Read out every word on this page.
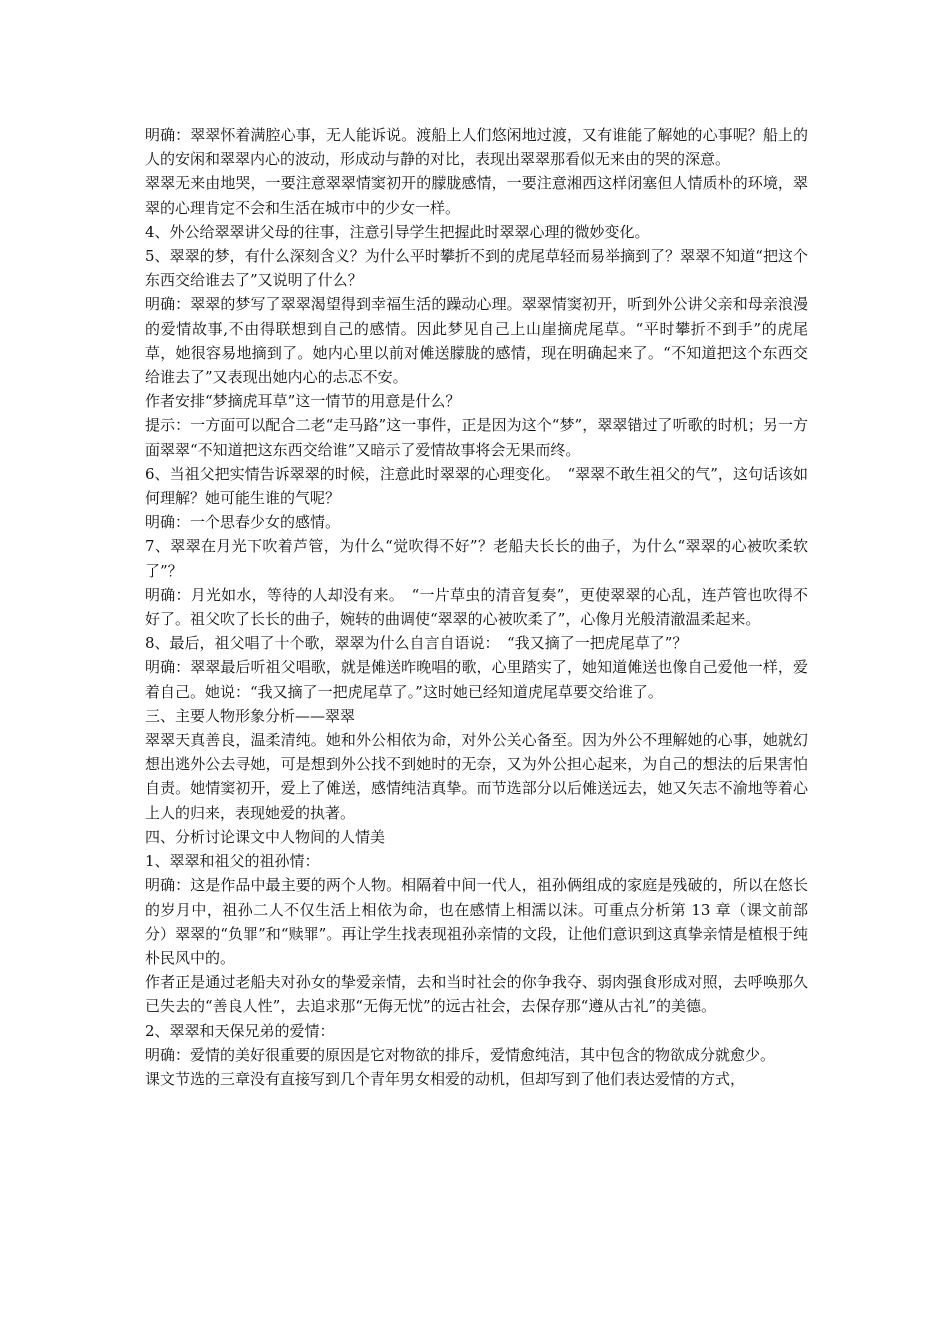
明确：翠翠怀着满腔心事，无人能诉说。渡船上人们悠闲地过渡，又有谁能了解她的心事呢？船上的人的安闲和翠翠内心的波动，形成动与静的对比，表现出翠翠那看似无来由的哭的深意。

翠翠无来由地哭，一要注意翠翠情窦初开的朦胧感情，一要注意湘西这样闭塞但人情质朴的环境，翠翠的心理肯定不会和生活在城市中的少女一样。

4、外公给翠翠讲父母的往事，注意引导学生把握此时翠翠心理的微妙变化。

5、翠翠的梦，有什么深刻含义？为什么平时攀折不到的虎尾草轻而易举摘到了？翠翠不知道“把这个东西交给谁去了”又说明了什么？

明确：翠翠的梦写了翠翠渴望得到幸福生活的躁动心理。翠翠情窦初开，听到外公讲父亲和母亲浪漫的爱情故事,不由得联想到自己的感情。因此梦见自己上山崖摘虎尾草。“平时攀折不到手”的虎尾草，她很容易地摘到了。她内心里以前对傩送朦胧的感情，现在明确起来了。“不知道把这个东西交给谁去了”又表现出她内心的忐忑不安。

作者安排“梦摘虎耳草”这一情节的用意是什么？

提示：一方面可以配合二老“走马路”这一事件，正是因为这个“梦”，翠翠错过了听歌的时机；另一方面翠翠“不知道把这东西交给谁”又暗示了爱情故事将会无果而终。

6、当祖父把实情告诉翠翠的时候，注意此时翠翠的心理变化。　“翠翠不敢生祖父的气”，这句话该如何理解？她可能生谁的气呢？

明确：一个思春少女的感情。

7、翠翠在月光下吹着芦管，为什么“觉吹得不好”？老船夫长长的曲子，为什么“翠翠的心被吹柔软了”？

明确：月光如水，等待的人却没有来。　“一片草虫的清音复奏”，更使翠翠的心乱，连芦管也吹得不好了。祖父吹了长长的曲子，婉转的曲调使“翠翠的心被吹柔了”，心像月光般清澈温柔起来。

8、最后，祖父唱了十个歌，翠翠为什么自言自语说：　“我又摘了一把虎尾草了”？

明确：翠翠最后听祖父唱歌，就是傩送昨晚唱的歌，心里踏实了，她知道傩送也像自己爱他一样，爱着自己。她说：“我又摘了一把虎尾草了。”这时她已经知道虎尾草要交给谁了。

三、主要人物形象分析——翠翠

翠翠天真善良，温柔清纯。她和外公相依为命，对外公关心备至。因为外公不理解她的心事，她就幻想出逃外公去寻她，可是想到外公找不到她时的无奈，又为外公担心起来，为自己的想法的后果害怕自责。她情窦初开，爱上了傩送，感情纯洁真挚。而节选部分以后傩送远去，她又矢志不渝地等着心上人的归来，表现她爱的执著。

四、分析讨论课文中人物间的人情美

1、翠翠和祖父的祖孙情：

明确：这是作品中最主要的两个人物。相隔着中间一代人，祖孙俩组成的家庭是残破的，所以在悠长的岁月中，祖孙二人不仅生活上相依为命，也在感情上相濡以沫。可重点分析第 13 章（课文前部分）翠翠的“负罪”和“赎罪”。再让学生找表现祖孙亲情的文段，让他们意识到这真挚亲情是植根于纯朴民风中的。

作者正是通过老船夫对孙女的挚爱亲情，去和当时社会的你争我夺、弱肉强食形成对照，去呼唤那久已失去的“善良人性”，去追求那“无侮无忧”的远古社会，去保存那“遵从古礼”的美德。

2、翠翠和天保兄弟的爱情：

明确：爱情的美好很重要的原因是它对物欲的排斥，爱情愈纯洁，其中包含的物欲成分就愈少。

课文节选的三章没有直接写到几个青年男女相爱的动机，但却写到了他们表达爱情的方式，
